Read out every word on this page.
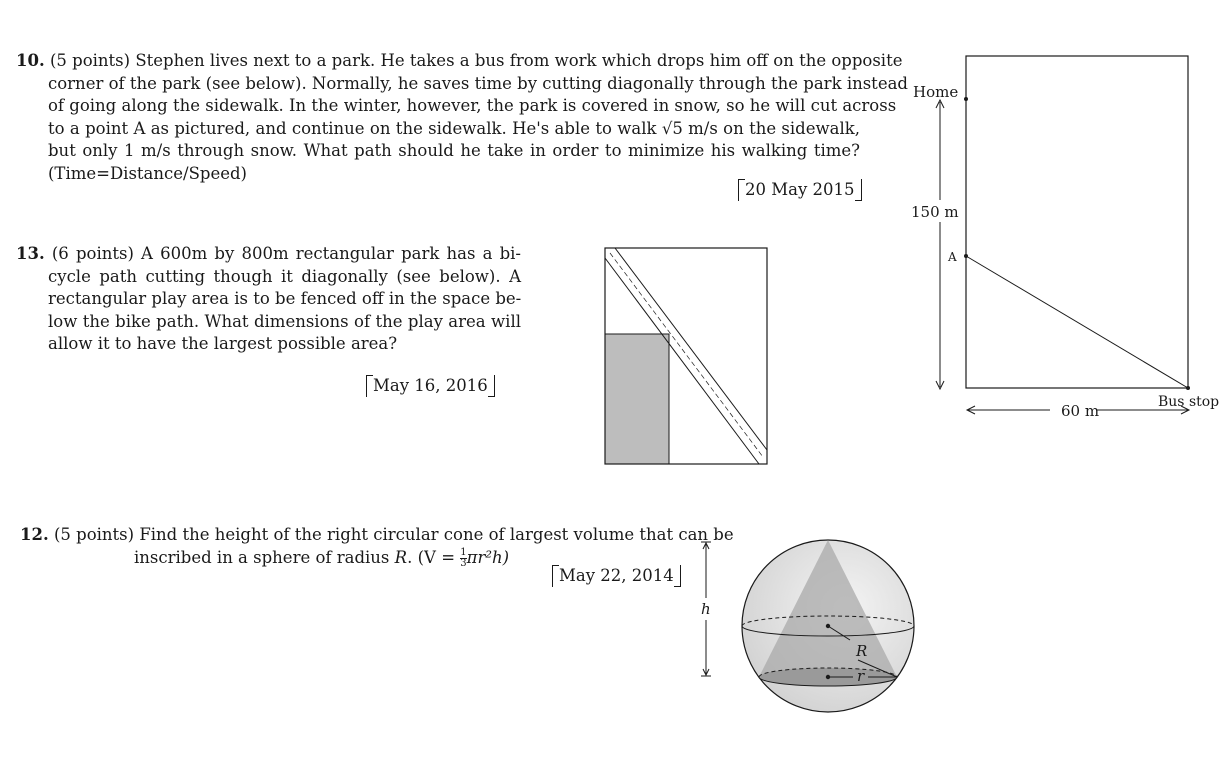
10. (5 points) Stephen lives next to a park. He takes a bus from work which drops him off on the opposite
corner of the park (see below). Normally, he saves time by cutting diagonally through the park instead
of going along the sidewalk. In the winter, however, the park is covered in snow, so he will cut across
to a point A as pictured, and continue on the sidewalk. He's able to walk √5 m/s on the sidewalk,
but only 1 m/s through snow. What path should he take in order to minimize his walking time?
(Time=Distance/Speed)
20 May 2015
Home
150 m
A
60 m	Bus stop
13. (6 points) A 600m by 800m rectangular park has a bi-
cycle path cutting though it diagonally (see below). A
rectangular play area is to be fenced off in the space be-
low the bike path. What dimensions of the play area will
allow it to have the largest possible area?
May 16, 2016
12. (5 points) Find the height of the right circular cone of largest volume that can be
inscribed in a sphere of radius R. $(V = \frac{1}{3} \pi r^2h)$
May 22, 2014
R
r
h
